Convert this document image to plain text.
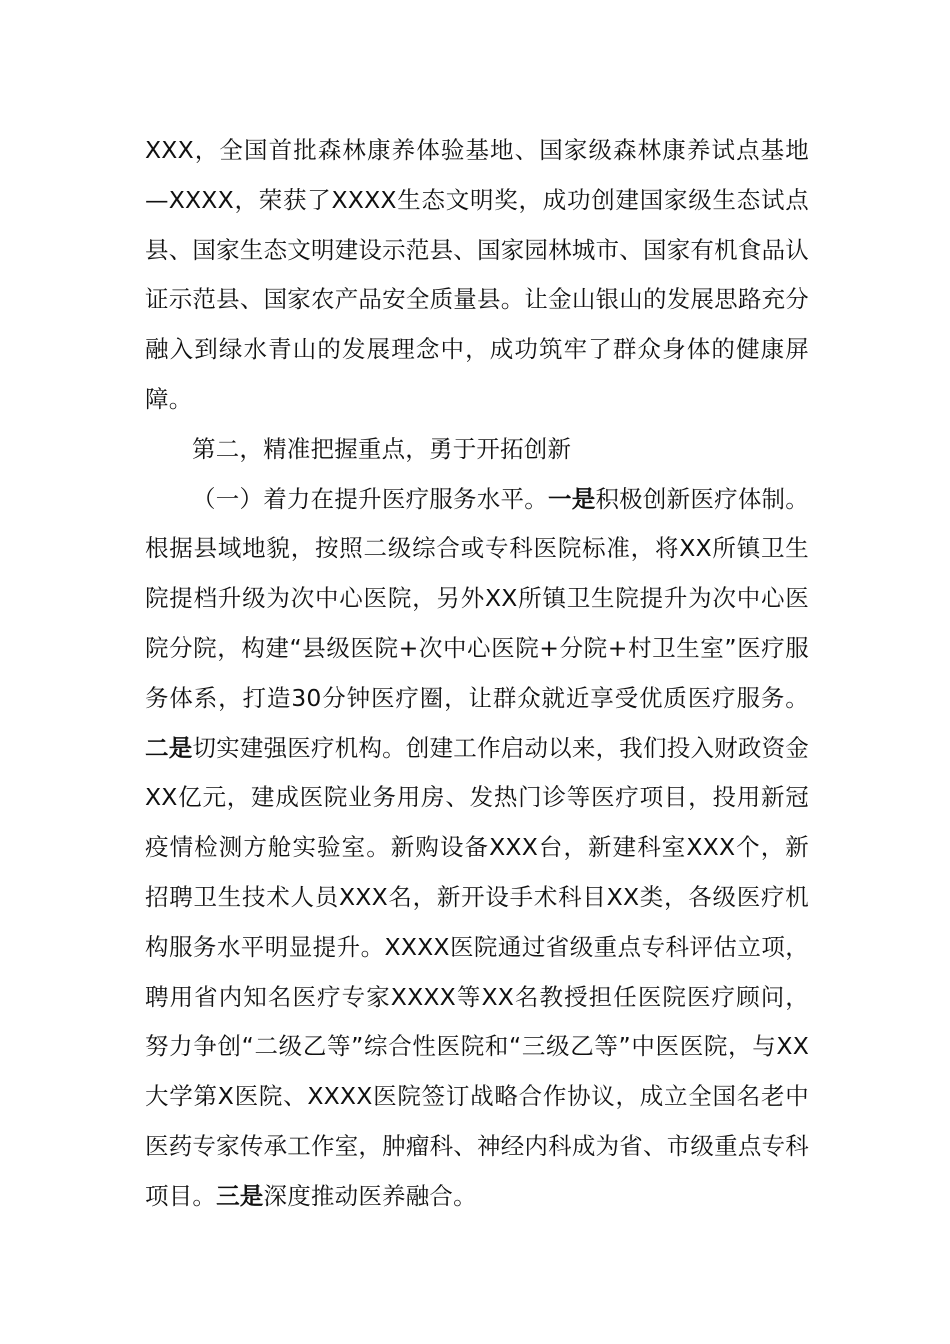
XXX，全国首批森林康养体验基地、国家级森林康养试点基地—XXXX，荣获了XXXX生态文明奖，成功创建国家级生态试点县、国家生态文明建设示范县、国家园林城市、国家有机食品认证示范县、国家农产品安全质量县。让金山银山的发展思路充分融入到绿水青山的发展理念中，成功筑牢了群众身体的健康屏障。

第二，精准把握重点，勇于开拓创新

（一）着力在提升医疗服务水平。一是积极创新医疗体制。根据县域地貌，按照二级综合或专科医院标准，将XX所镇卫生院提档升级为次中心医院，另外XX所镇卫生院提升为次中心医院分院，构建“县级医院+次中心医院+分院+村卫生室”医疗服务体系，打造30分钟医疗圈，让群众就近享受优质医疗服务。二是切实建强医疗机构。创建工作启动以来，我们投入财政资金XX亿元，建成医院业务用房、发热门诊等医疗项目，投用新冠疫情检测方舱实验室。新购设备XXX台，新建科室XXX个，新招聘卫生技术人员XXX名，新开设手术科目XX类，各级医疗机构服务水平明显提升。XXXX医院通过省级重点专科评估立项，聘用省内知名医疗专家XXXX等XX名教授担任医院医疗顾问，努力争创“二级乙等”综合性医院和“三级乙等”中医医院，与XX大学第X医院、XXXX医院签订战略合作协议，成立全国名老中医药专家传承工作室，肿瘤科、神经内科成为省、市级重点专科项目。三是深度推动医养融合。
